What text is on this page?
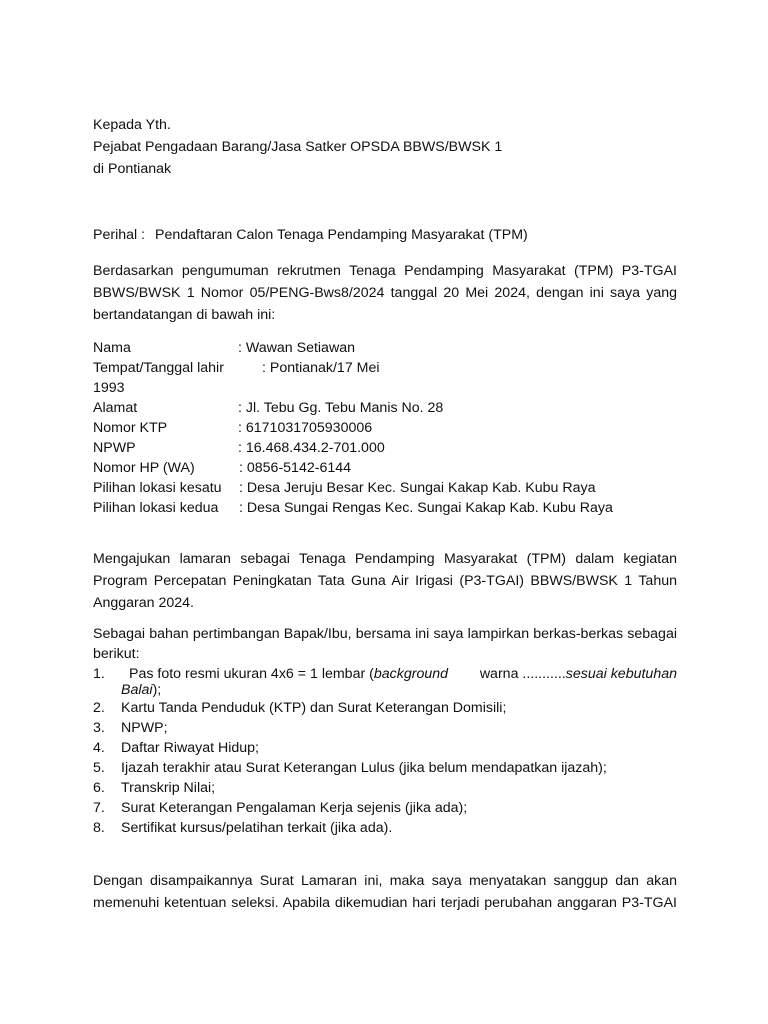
Kepada Yth.
Pejabat Pengadaan Barang/Jasa Satker OPSDA BBWS/BWSK 1
di Pontianak
Perihal : Pendaftaran Calon Tenaga Pendamping Masyarakat (TPM)
Berdasarkan pengumuman rekrutmen Tenaga Pendamping Masyarakat (TPM) P3-TGAI
BBWS/BWSK 1 Nomor 05/PENG-Bws8/2024 tanggal 20 Mei 2024, dengan ini saya yang
bertandatangan di bawah ini:
Nama	: Wawan Setiawan
Tempat/Tanggal lahir	: Pontianak/17 Mei
1993
Alamat	: Jl. Tebu Gg. Tebu Manis No. 28
Nomor KTP	: 6171031705930006
NPWP	: 16.468.434.2-701.000
Nomor HP (WA)	: 0856-5142-6144
Pilihan lokasi kesatu	: Desa Jeruju Besar Kec. Sungai Kakap Kab. Kubu Raya
Pilihan lokasi kedua	: Desa Sungai Rengas Kec. Sungai Kakap Kab. Kubu Raya
Mengajukan lamaran sebagai Tenaga Pendamping Masyarakat (TPM) dalam kegiatan
Program Percepatan Peningkatan Tata Guna Air Irigasi (P3-TGAI) BBWS/BWSK 1 Tahun
Anggaran 2024.
Sebagai bahan pertimbangan Bapak/Ibu, bersama ini saya lampirkan berkas-berkas sebagai
berikut:
1.	Pas foto resmi ukuran 4x6 = 1 lembar (background warna ...........sesuai kebutuhan
Balai);
2.	Kartu Tanda Penduduk (KTP) dan Surat Keterangan Domisili;
3.	NPWP;
4.	Daftar Riwayat Hidup;
5.	Ijazah terakhir atau Surat Keterangan Lulus (jika belum mendapatkan ijazah);
6.	Transkrip Nilai;
7.	Surat Keterangan Pengalaman Kerja sejenis (jika ada);
8.	Sertifikat kursus/pelatihan terkait (jika ada).
Dengan disampaikannya Surat Lamaran ini, maka saya menyatakan sanggup dan akan
memenuhi ketentuan seleksi. Apabila dikemudian hari terjadi perubahan anggaran P3-TGAI
